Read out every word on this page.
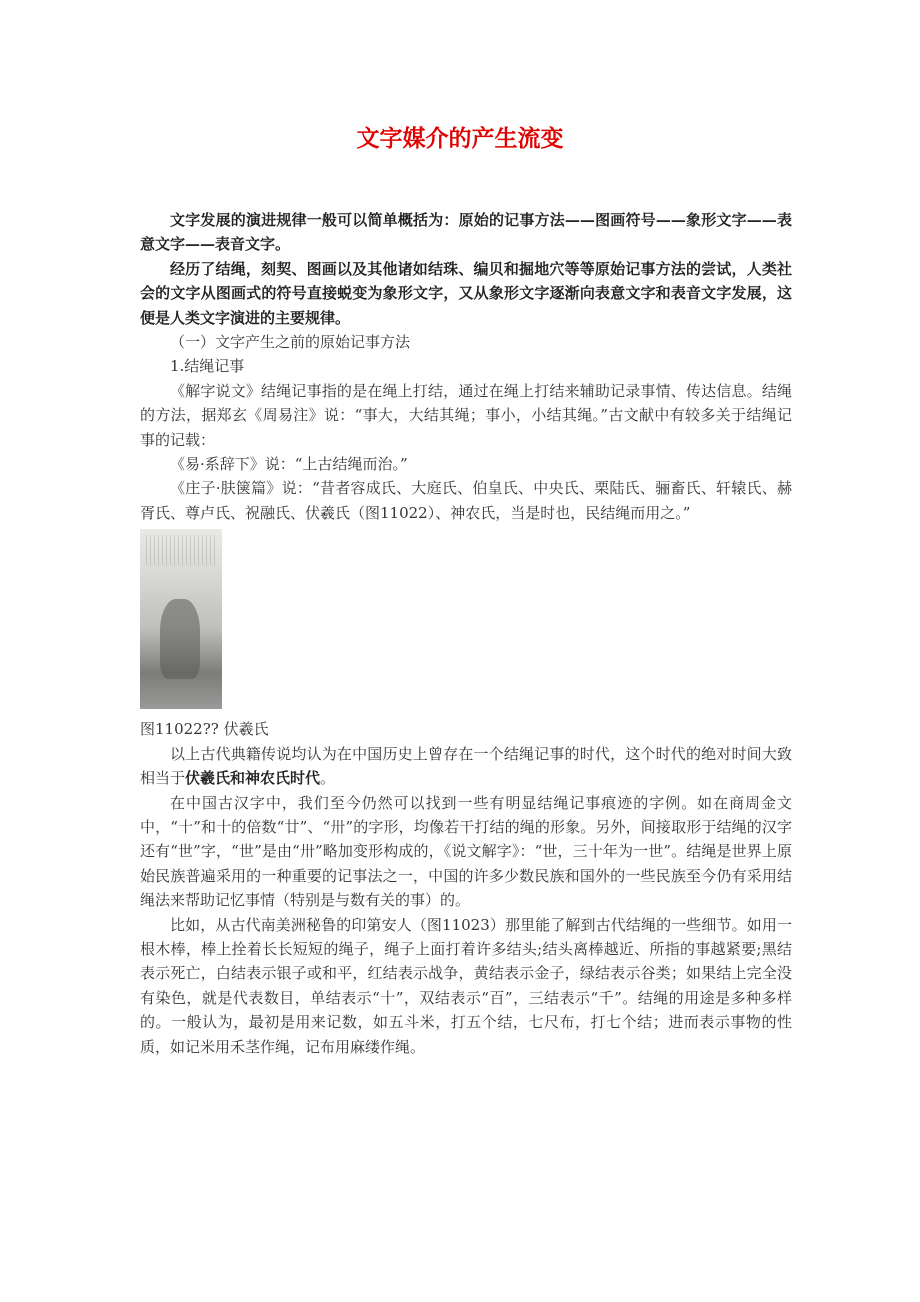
文字媒介的产生流变

文字发展的演进规律一般可以简单概括为：原始的记事方法——图画符号——象形文字——表意文字——表音文字。

经历了结绳，刻契、图画以及其他诸如结珠、编贝和掘地穴等等原始记事方法的尝试，人类社会的文字从图画式的符号直接蜕变为象形文字，又从象形文字逐渐向表意文字和表音文字发展，这便是人类文字演进的主要规律。

（一）文字产生之前的原始记事方法

1.结绳记事

《解字说文》结绳记事指的是在绳上打结，通过在绳上打结来辅助记录事情、传达信息。结绳的方法，据郑玄《周易注》说：“事大，大结其绳；事小，小结其绳。”古文献中有较多关于结绳记事的记载：

《易·系辞下》说：“上古结绳而治。”

《庄子·肤箧篇》说：“昔者容成氏、大庭氏、伯皇氏、中央氏、栗陆氏、骊畜氏、轩辕氏、赫胥氏、尊卢氏、祝融氏、伏羲氏（图11022）、神农氏，当是时也，民结绳而用之。”

图11022?? 伏羲氏

以上古代典籍传说均认为在中国历史上曾存在一个结绳记事的时代，这个时代的绝对时间大致相当于伏羲氏和神农氏时代。

在中国古汉字中，我们至今仍然可以找到一些有明显结绳记事痕迹的字例。如在商周金文中，“十”和十的倍数“廿”、“卅”的字形，均像若干打结的绳的形象。另外，间接取形于结绳的汉字还有“世”字，“世”是由“卅”略加变形构成的，《说文解字》：“世，三十年为一世”。结绳是世界上原始民族普遍采用的一种重要的记事法之一，中国的许多少数民族和国外的一些民族至今仍有采用结绳法来帮助记忆事情（特别是与数有关的事）的。

比如，从古代南美洲秘鲁的印第安人（图11023）那里能了解到古代结绳的一些细节。如用一根木棒，棒上拴着长长短短的绳子，绳子上面打着许多结头;结头离棒越近、所指的事越紧要;黑结表示死亡，白结表示银子或和平，红结表示战争，黄结表示金子，绿结表示谷类；如果结上完全没有染色，就是代表数目，单结表示“十”，双结表示“百”，三结表示“千”。结绳的用途是多种多样的。一般认为，最初是用来记数，如五斗米，打五个结，七尺布，打七个结；进而表示事物的性质，如记米用禾茎作绳，记布用麻缕作绳。
